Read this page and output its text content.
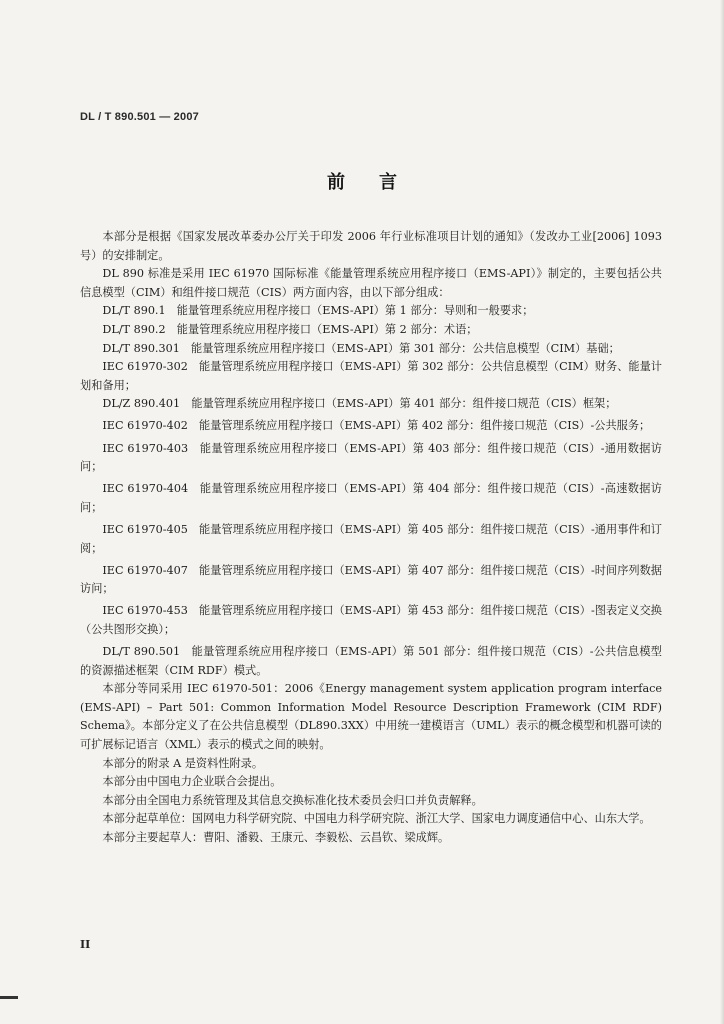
DL / T 890.501 — 2007
前言

本部分是根据《国家发展改革委办公厅关于印发 2006 年行业标准项目计划的通知》（发改办工业[2006] 1093 号）的安排制定。

DL 890 标准是采用 IEC 61970 国际标准《能量管理系统应用程序接口（EMS-API）》制定的，主要包括公共信息模型（CIM）和组件接口规范（CIS）两方面内容，由以下部分组成：

DL/T 890.1　能量管理系统应用程序接口（EMS-API）第 1 部分：导则和一般要求；

DL/T 890.2　能量管理系统应用程序接口（EMS-API）第 2 部分：术语；

DL/T 890.301　能量管理系统应用程序接口（EMS-API）第 301 部分：公共信息模型（CIM）基础；

IEC 61970-302　能量管理系统应用程序接口（EMS-API）第 302 部分：公共信息模型（CIM）财务、能量计划和备用；

DL/Z 890.401　能量管理系统应用程序接口（EMS-API）第 401 部分：组件接口规范（CIS）框架；

IEC 61970-402　能量管理系统应用程序接口（EMS-API）第 402 部分：组件接口规范（CIS）-公共服务；

IEC 61970-403　能量管理系统应用程序接口（EMS-API）第 403 部分：组件接口规范（CIS）-通用数据访问；

IEC 61970-404　能量管理系统应用程序接口（EMS-API）第 404 部分：组件接口规范（CIS）-高速数据访问；

IEC 61970-405　能量管理系统应用程序接口（EMS-API）第 405 部分：组件接口规范（CIS）-通用事件和订阅；

IEC 61970-407　能量管理系统应用程序接口（EMS-API）第 407 部分：组件接口规范（CIS）-时间序列数据访问；

IEC 61970-453　能量管理系统应用程序接口（EMS-API）第 453 部分：组件接口规范（CIS）-图表定义交换（公共图形交换）；

DL/T 890.501　能量管理系统应用程序接口（EMS-API）第 501 部分：组件接口规范（CIS）-公共信息模型的资源描述框架（CIM RDF）模式。

本部分等同采用 IEC 61970-501：2006《Energy management system application program interface (EMS-API) – Part 501: Common Information Model Resource Description Framework (CIM RDF) Schema》。本部分定义了在公共信息模型（DL890.3XX）中用统一建模语言（UML）表示的概念模型和机器可读的可扩展标记语言（XML）表示的模式之间的映射。

本部分的附录 A 是资料性附录。

本部分由中国电力企业联合会提出。

本部分由全国电力系统管理及其信息交换标准化技术委员会归口并负责解释。

本部分起草单位：国网电力科学研究院、中国电力科学研究院、浙江大学、国家电力调度通信中心、山东大学。

本部分主要起草人：曹阳、潘毅、王康元、李毅松、云昌钦、梁成辉。

II
